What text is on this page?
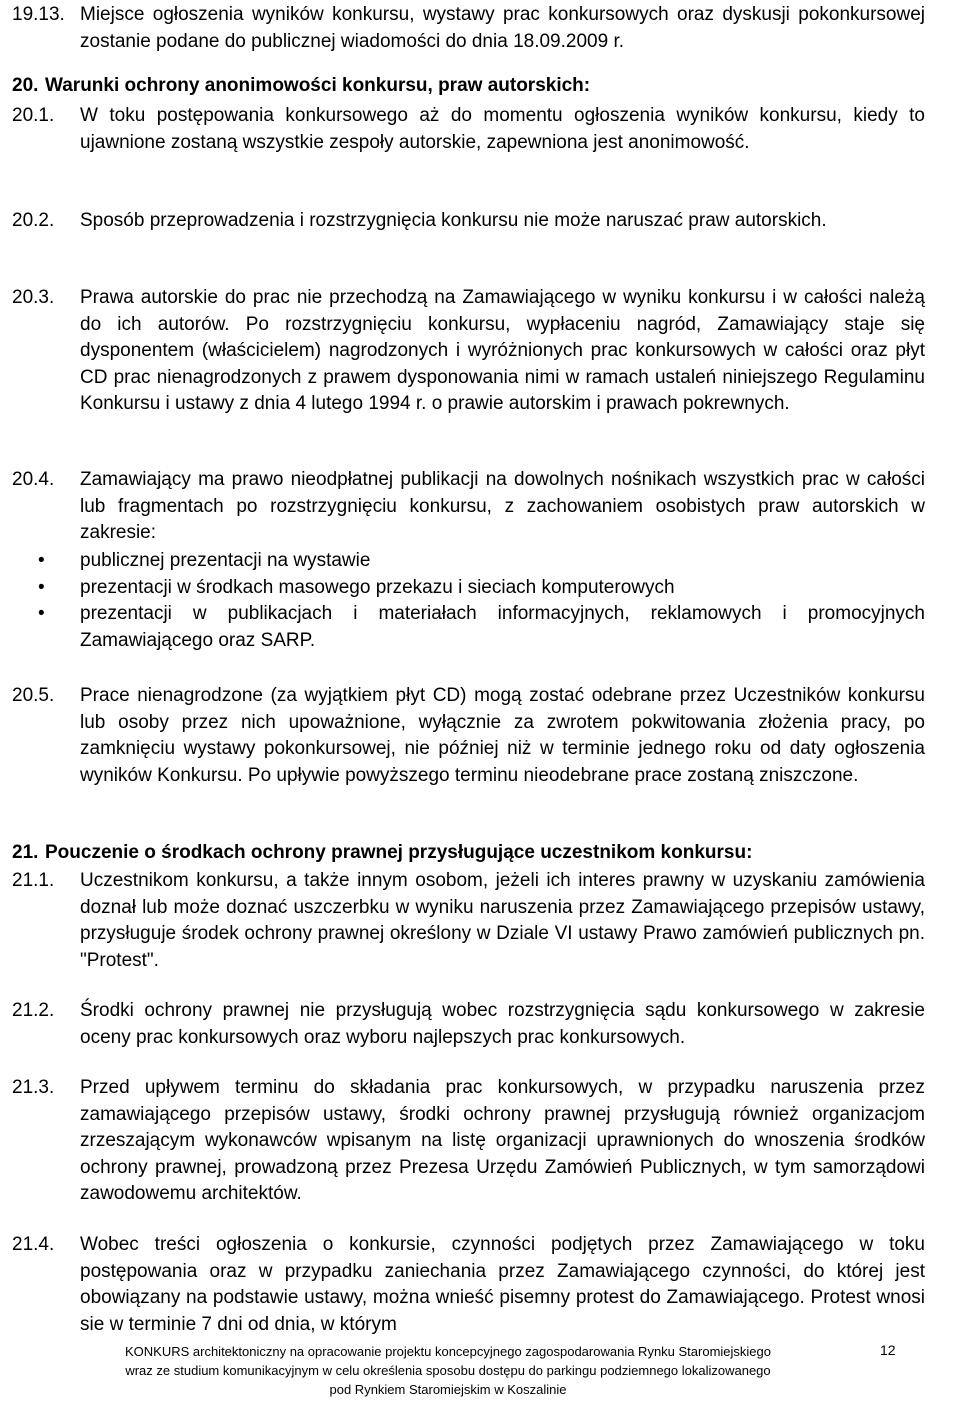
19.13. Miejsce ogłoszenia wyników konkursu, wystawy prac konkursowych oraz dyskusji pokonkursowej zostanie podane do publicznej wiadomości do dnia 18.09.2009 r.
20. Warunki ochrony anonimowości konkursu, praw autorskich:
20.1. W toku postępowania konkursowego aż do momentu ogłoszenia wyników konkursu, kiedy to ujawnione zostaną wszystkie zespoły autorskie, zapewniona jest anonimowość.
20.2. Sposób przeprowadzenia i rozstrzygnięcia konkursu nie może naruszać praw autorskich.
20.3. Prawa autorskie do prac nie przechodzą na Zamawiającego w wyniku konkursu i w całości należą do ich autorów. Po rozstrzygnięciu konkursu, wypłaceniu nagród, Zamawiający staje się dysponentem (właścicielem) nagrodzonych i wyróżnionych prac konkursowych w całości oraz płyt CD prac nienagrodzonych z prawem dysponowania nimi w ramach ustaleń niniejszego Regulaminu Konkursu i ustawy z dnia 4 lutego 1994 r. o prawie autorskim i prawach pokrewnych.
20.4. Zamawiający ma prawo nieodpłatnej publikacji na dowolnych nośnikach wszystkich prac w całości lub fragmentach po rozstrzygnięciu konkursu, z zachowaniem osobistych praw autorskich w zakresie:
• publicznej prezentacji na wystawie
• prezentacji w środkach masowego przekazu i sieciach komputerowych
• prezentacji w publikacjach i materiałach informacyjnych, reklamowych i promocyjnych Zamawiającego oraz SARP.
20.5. Prace nienagrodzone (za wyjątkiem płyt CD) mogą zostać odebrane przez Uczestników konkursu lub osoby przez nich upoważnione, wyłącznie za zwrotem pokwitowania złożenia pracy, po zamknięciu wystawy pokonkursowej, nie później niż w terminie jednego roku od daty ogłoszenia wyników Konkursu. Po upływie powyższego terminu nieodebrane prace zostaną zniszczone.
21. Pouczenie o środkach ochrony prawnej przysługujące uczestnikom konkursu:
21.1. Uczestnikom konkursu, a także innym osobom, jeżeli ich interes prawny w uzyskaniu zamówienia doznał lub może doznać uszczerbku w wyniku naruszenia przez Zamawiającego przepisów ustawy, przysługuje środek ochrony prawnej określony w Dziale VI ustawy Prawo zamówień publicznych pn. "Protest".
21.2. Środki ochrony prawnej nie przysługują wobec rozstrzygnięcia sądu konkursowego w zakresie oceny prac konkursowych oraz wyboru najlepszych prac konkursowych.
21.3. Przed upływem terminu do składania prac konkursowych, w przypadku naruszenia przez zamawiającego przepisów ustawy, środki ochrony prawnej przysługują również organizacjom zrzeszającym wykonawców wpisanym na listę organizacji uprawnionych do wnoszenia środków ochrony prawnej, prowadzoną przez Prezesa Urzędu Zamówień Publicznych, w tym samorządowi zawodowemu architektów.
21.4. Wobec treści ogłoszenia o konkursie, czynności podjętych przez Zamawiającego w toku postępowania oraz w przypadku zaniechania przez Zamawiającego czynności, do której jest obowiązany na podstawie ustawy, można wnieść pisemny protest do Zamawiającego. Protest wnosi sie w terminie 7 dni od dnia, w którym
KONKURS architektoniczny na opracowanie projektu koncepcyjnego zagospodarowania Rynku Staromiejskiego
wraz ze studium komunikacyjnym w celu określenia sposobu dostępu do parkingu podziemnego lokalizowanego
pod Rynkiem Staromiejskim w Koszalinie
12
